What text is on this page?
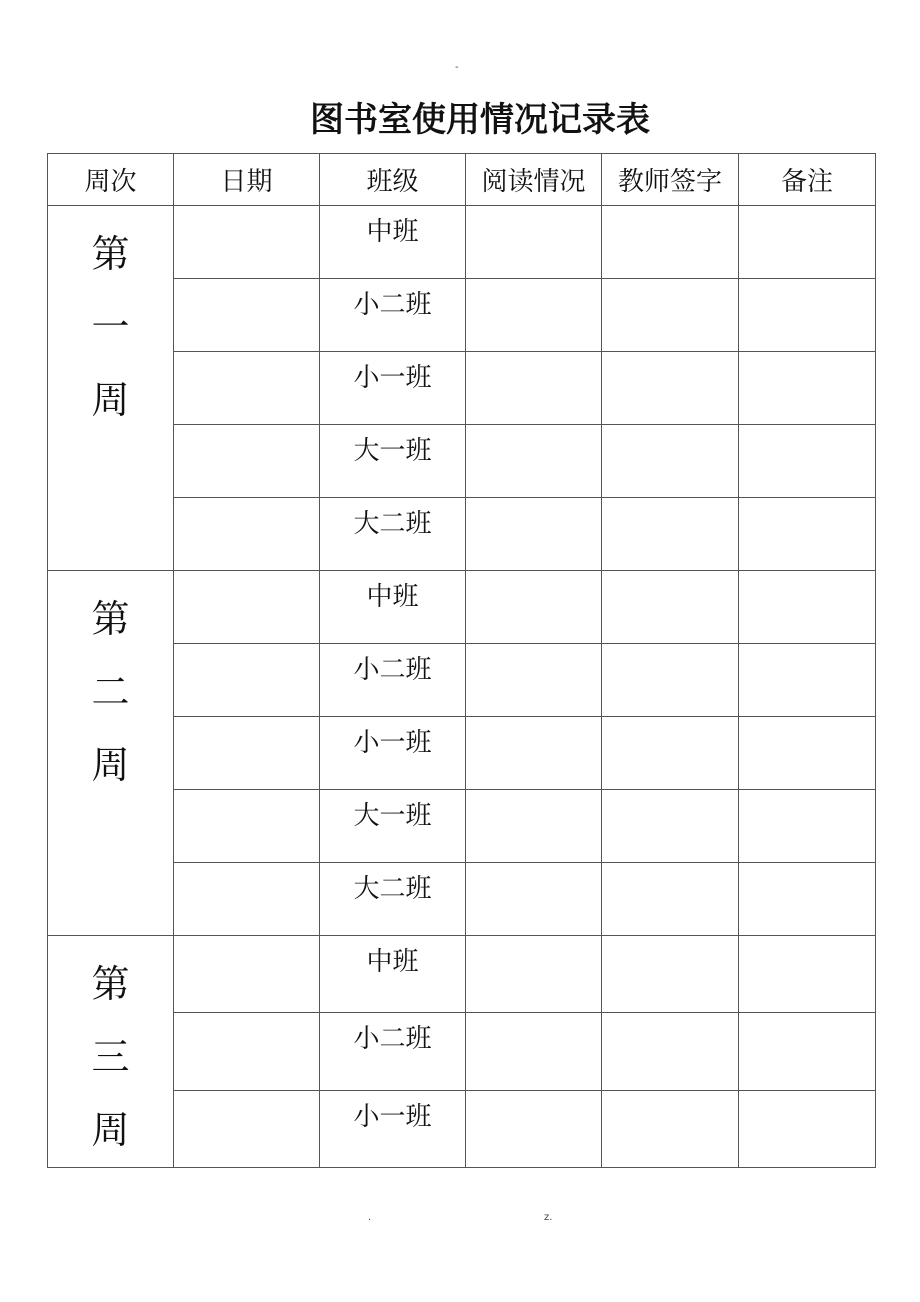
-
图书室使用情况记录表
周次	日期	班级	阅读情况	教师签字	备注

第
一
周		中班			

		小二班			

		小一班			

		大一班			

		大二班			

第
二
周		中班			

		小二班			

		小一班			

		大一班			

		大二班			

第
三
周		中班			

		小二班			

		小一班			

.	z.
